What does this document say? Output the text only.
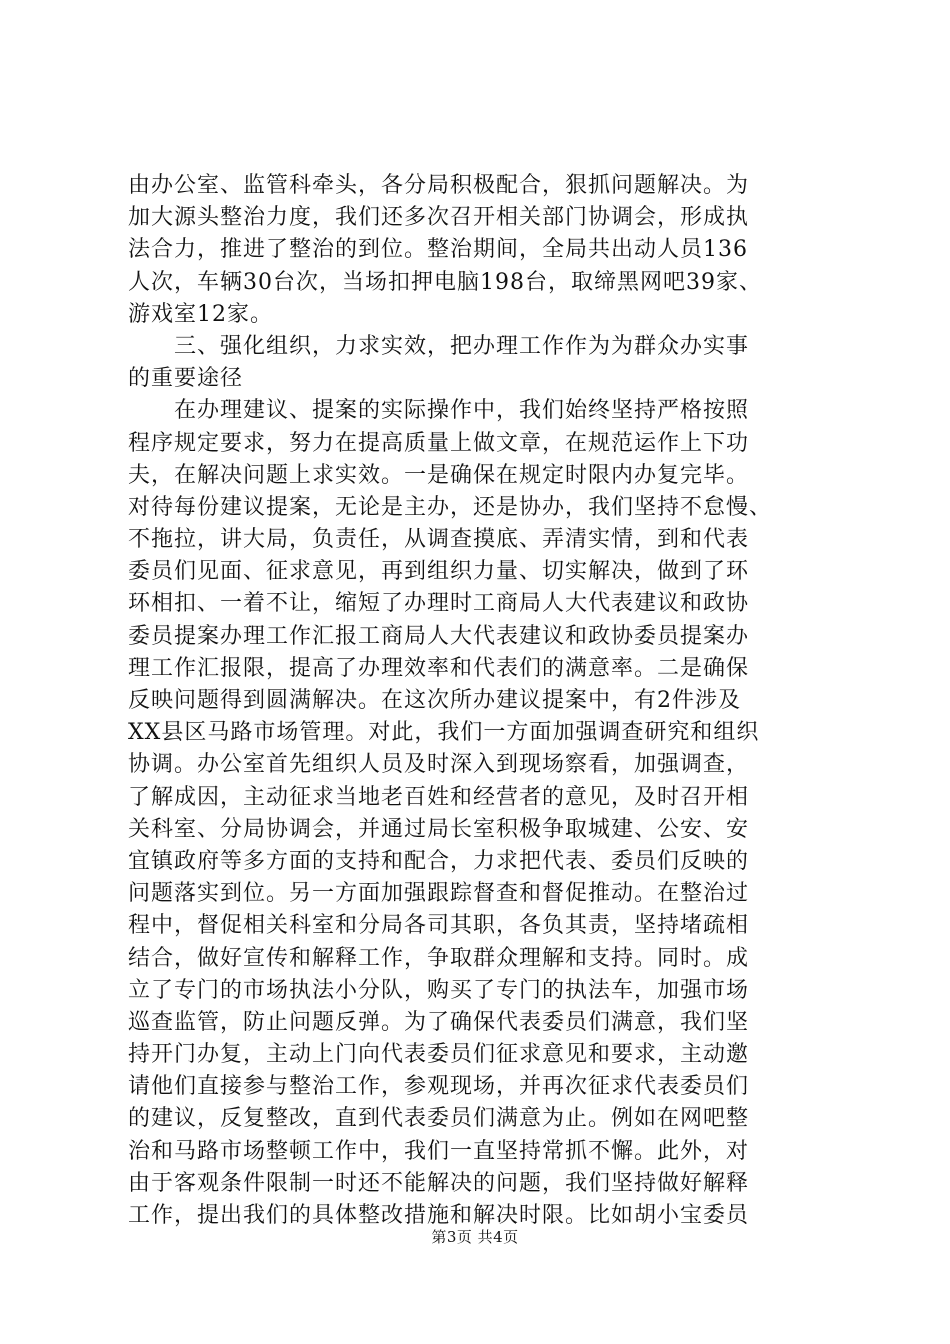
由办公室、监管科牵头，各分局积极配合，狠抓问题解决。为
加大源头整治力度，我们还多次召开相关部门协调会，形成执
法合力，推进了整治的到位。整治期间，全局共出动人员136
人次，车辆30台次，当场扣押电脑198台，取缔黑网吧39家、
游戏室12家。
　　三、强化组织，力求实效，把办理工作作为为群众办实事
的重要途径
　　在办理建议、提案的实际操作中，我们始终坚持严格按照
程序规定要求，努力在提高质量上做文章，在规范运作上下功
夫，在解决问题上求实效。一是确保在规定时限内办复完毕。
对待每份建议提案，无论是主办，还是协办，我们坚持不怠慢、
不拖拉，讲大局，负责任，从调查摸底、弄清实情，到和代表
委员们见面、征求意见，再到组织力量、切实解决，做到了环
环相扣、一着不让，缩短了办理时工商局人大代表建议和政协
委员提案办理工作汇报工商局人大代表建议和政协委员提案办
理工作汇报限，提高了办理效率和代表们的满意率。二是确保
反映问题得到圆满解决。在这次所办建议提案中，有2件涉及
XX县区马路市场管理。对此，我们一方面加强调查研究和组织
协调。办公室首先组织人员及时深入到现场察看，加强调查，
了解成因，主动征求当地老百姓和经营者的意见，及时召开相
关科室、分局协调会，并通过局长室积极争取城建、公安、安
宜镇政府等多方面的支持和配合，力求把代表、委员们反映的
问题落实到位。另一方面加强跟踪督查和督促推动。在整治过
程中，督促相关科室和分局各司其职，各负其责，坚持堵疏相
结合，做好宣传和解释工作，争取群众理解和支持。同时。成
立了专门的市场执法小分队，购买了专门的执法车，加强市场
巡查监管，防止问题反弹。为了确保代表委员们满意，我们坚
持开门办复，主动上门向代表委员们征求意见和要求，主动邀
请他们直接参与整治工作，参观现场，并再次征求代表委员们
的建议，反复整改，直到代表委员们满意为止。例如在网吧整
治和马路市场整顿工作中，我们一直坚持常抓不懈。此外，对
由于客观条件限制一时还不能解决的问题，我们坚持做好解释
工作，提出我们的具体整改措施和解决时限。比如胡小宝委员
第3页 共4页
